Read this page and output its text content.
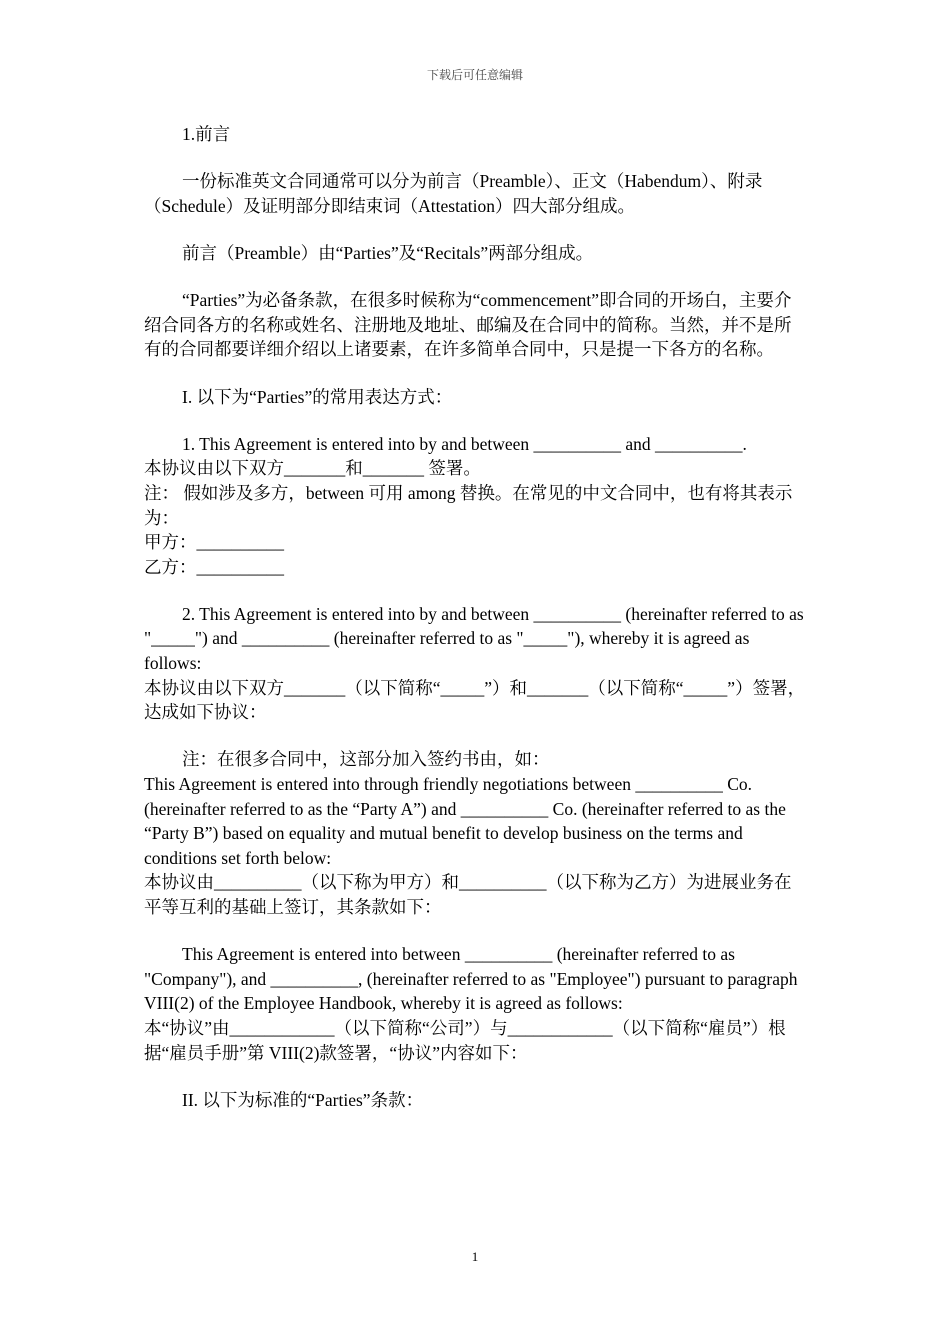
下载后可任意编辑

1.前言

一份标准英文合同通常可以分为前言（Preamble）、正文（Habendum）、附录（Schedule）及证明部分即结束词（Attestation）四大部分组成。

前言（Preamble）由“Parties”及“Recitals”两部分组成。

“Parties”为必备条款，在很多时候称为“commencement”即合同的开场白，主要介绍合同各方的名称或姓名、注册地及地址、邮编及在合同中的简称。当然，并不是所有的合同都要详细介绍以上诸要素，在许多简单合同中，只是提一下各方的名称。

I. 以下为“Parties”的常用表达方式：

1. This Agreement is entered into by and between __________ and __________.

本协议由以下双方_______和_______ 签署。

注： 假如涉及多方，between 可用 among 替换。在常见的中文合同中，也有将其表示为：

甲方：__________

乙方：__________

2. This Agreement is entered into by and between __________ (hereinafter referred to as "_____") and __________ (hereinafter referred to as "_____"), whereby it is agreed as follows:

本协议由以下双方_______（以下简称“_____”）和_______（以下简称“_____”）签署，达成如下协议：

注：在很多合同中，这部分加入签约书由，如：

This Agreement is entered into through friendly negotiations between __________ Co.

(hereinafter referred to as the “Party A”) and __________ Co. (hereinafter referred to as the “Party B”) based on equality and mutual benefit to develop business on the terms and conditions set forth below:

本协议由__________（以下称为甲方）和__________（以下称为乙方）为进展业务在平等互利的基础上签订，其条款如下：

This Agreement is entered into between __________ (hereinafter referred to as "Company"), and __________, (hereinafter referred to as "Employee") pursuant to paragraph VIII(2) of the Employee Handbook, whereby it is agreed as follows:

本“协议”由____________（以下简称“公司”）与____________（以下简称“雇员”）根据“雇员手册”第 VIII(2)款签署，“协议”内容如下：

II. 以下为标准的“Parties”条款：

1
